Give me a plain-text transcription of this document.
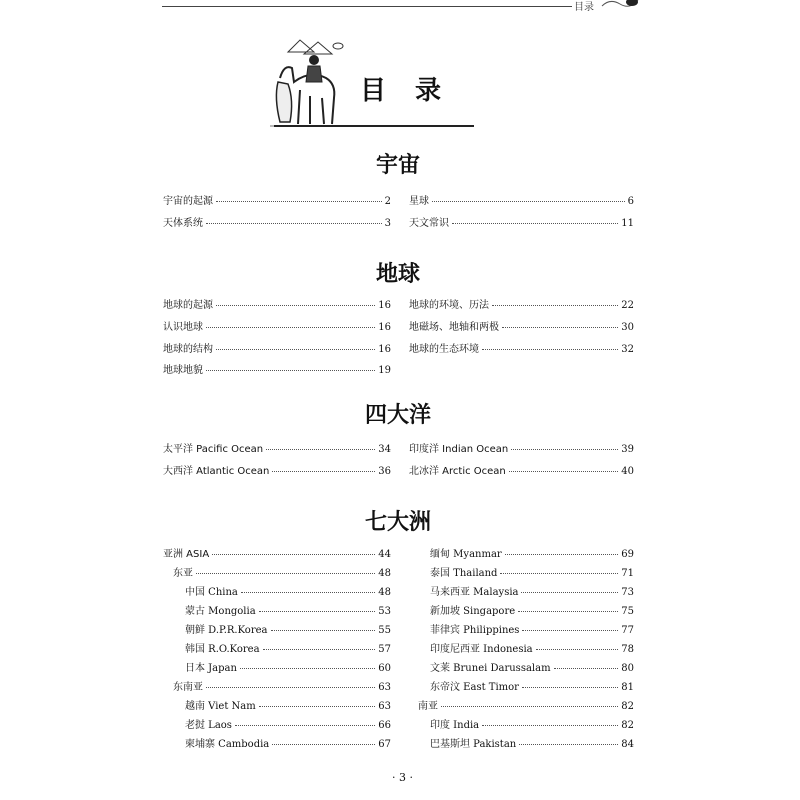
目录
目 录
宇宙
宇宙的起源	2
天体系统	3
星球	6
天文常识	11
地球
地球的起源	16
认识地球	16
地球的结构	16
地球地貌	19
地球的环境、历法	22
地磁场、地轴和两极	30
地球的生态环境	32
四大洋
太平洋 Pacific Ocean	34
大西洋 Atlantic Ocean	36
印度洋 Indian Ocean	39
北冰洋 Arctic Ocean	40
七大洲
亚洲 ASIA	44
东亚	48
中国 China	48
蒙古 Mongolia	53
朝鲜 D.P.R.Korea	55
韩国 R.O.Korea	57
日本 Japan	60
东南亚	63
越南 Viet Nam	63
老挝 Laos	66
柬埔寨 Cambodia	67
缅甸 Myanmar	69
泰国 Thailand	71
马来西亚 Malaysia	73
新加坡 Singapore	75
菲律宾 Philippines	77
印度尼西亚 Indonesia	78
文莱 Brunei Darussalam	80
东帝汶 East Timor	81
南亚	82
印度 India	82
巴基斯坦 Pakistan	84
· 3 ·
